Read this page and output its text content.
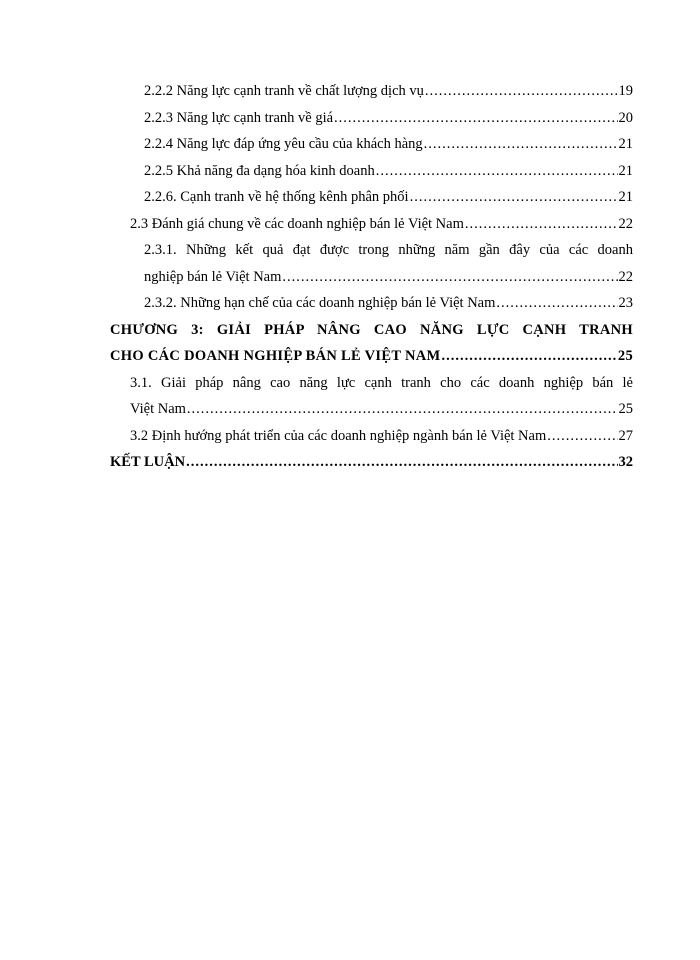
2.2.2 Năng lực cạnh tranh về chất lượng dịch vụ .....	19
2.2.3 Năng lực cạnh tranh về giá .....	20
2.2.4 Năng lực đáp ứng yêu cầu của khách hàng .....	21
2.2.5 Khả năng đa dạng hóa kinh doanh .....	21
2.2.6. Cạnh tranh về hệ thống kênh phân phối .....	21
2.3 Đánh giá chung về các doanh nghiệp bán lẻ Việt Nam .....	22
2.3.1. Những kết quả đạt được trong những năm gần đây của các doanh
nghiệp bán lẻ Việt Nam .....	22
2.3.2. Những hạn chế của các doanh nghiệp bán lẻ Việt Nam .....	23
CHƯƠNG 3: GIẢI PHÁP NÂNG CAO NĂNG LỰC CẠNH TRANH
CHO CÁC DOANH NGHIỆP BÁN LẺ VIỆT NAM .....	25
3.1. Giải pháp nâng cao năng lực cạnh tranh cho các doanh nghiệp bán lẻ
Việt Nam .....	25
3.2 Định hướng phát triển của các doanh nghiệp ngành bán lẻ Việt Nam .....	27
KẾT LUẬN .....	32
